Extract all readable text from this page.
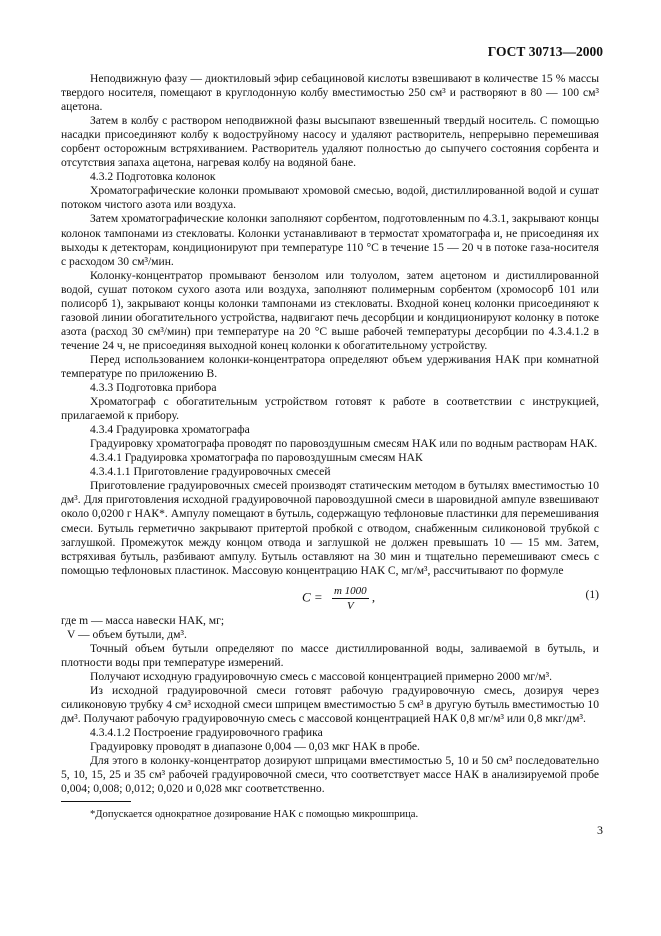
ГОСТ 30713—2000

Неподвижную фазу — диоктиловый эфир себациновой кислоты взвешивают в количестве 15 % массы твердого носителя, помещают в круглодонную колбу вместимостью 250 см³ и растворяют в 80 — 100 см³ ацетона.

Затем в колбу с раствором неподвижной фазы высыпают взвешенный твердый носитель. С помощью насадки присоединяют колбу к водоструйному насосу и удаляют растворитель, непрерывно перемешивая сорбент осторожным встряхиванием. Растворитель удаляют полностью до сыпучего состояния сорбента и отсутствия запаха ацетона, нагревая колбу на водяной бане.

4.3.2 Подготовка колонок

Хроматографические колонки промывают хромовой смесью, водой, дистиллированной водой и сушат потоком чистого азота или воздуха.

Затем хроматографические колонки заполняют сорбентом, подготовленным по 4.3.1, закрывают концы колонок тампонами из стекловаты. Колонки устанавливают в термостат хроматографа и, не присоединяя их выходы к детекторам, кондиционируют при температуре 110 °С в течение 15 — 20 ч в потоке газа-носителя с расходом 30 см³/мин.

Колонку-концентратор промывают бензолом или толуолом, затем ацетоном и дистиллированной водой, сушат потоком сухого азота или воздуха, заполняют полимерным сорбентом (хромосорб 101 или полисорб 1), закрывают концы колонки тампонами из стекловаты. Входной конец колонки присоединяют к газовой линии обогатительного устройства, надвигают печь десорбции и кондиционируют колонку в потоке азота (расход 30 см³/мин) при температуре на 20 °С выше рабочей температуры десорбции по 4.3.4.1.2 в течение 24 ч, не присоединяя выходной конец колонки к обогатительному устройству.

Перед использованием колонки-концентратора определяют объем удерживания НАК при комнатной температуре по приложению В.

4.3.3 Подготовка прибора

Хроматограф с обогатительным устройством готовят к работе в соответствии с инструкцией, прилагаемой к прибору.

4.3.4 Градуировка хроматографа

Градуировку хроматографа проводят по паровоздушным смесям НАК или по водным растворам НАК.

4.3.4.1 Градуировка хроматографа по паровоздушным смесям НАК

4.3.4.1.1 Приготовление градуировочных смесей

Приготовление градуировочных смесей производят статическим методом в бутылях вместимостью 10 дм³. Для приготовления исходной градуировочной паровоздушной смеси в шаровидной ампуле взвешивают около 0,0200 г НАК*. Ампулу помещают в бутыль, содержащую тефлоновые пластинки для перемешивания смеси. Бутыль герметично закрывают притертой пробкой с отводом, снабженным силиконовой трубкой с заглушкой. Промежуток между концом отвода и заглушкой не должен превышать 10 — 15 мм. Затем, встряхивая бутыль, разбивают ампулу. Бутыль оставляют на 30 мин и тщательно перемешивают смесь с помощью тефлоновых пластинок. Массовую концентрацию НАК С, мг/м³, рассчитывают по формуле

$C = \frac{m 1000}{V}$ ,	(1)

где m — масса навески НАК, мг;

V — объем бутыли, дм³.

Точный объем бутыли определяют по массе дистиллированной воды, заливаемой в бутыль, и плотности воды при температуре измерений.

Получают исходную градуировочную смесь с массовой концентрацией примерно 2000 мг/м³.

Из исходной градуировочной смеси готовят рабочую градуировочную смесь, дозируя через силиконовую трубку 4 см³ исходной смеси шприцем вместимостью 5 см³ в другую бутыль вместимостью 10 дм³. Получают рабочую градуировочную смесь с массовой концентрацией НАК 0,8 мг/м³ или 0,8 мкг/дм³.

4.3.4.1.2 Построение градуировочного графика

Градуировку проводят в диапазоне 0,004 — 0,03 мкг НАК в пробе.

Для этого в колонку-концентратор дозируют шприцами вместимостью 5, 10 и 50 см³ последовательно 5, 10, 15, 25 и 35 см³ рабочей градуировочной смеси, что соответствует массе НАК в анализируемой пробе 0,004; 0,008; 0,012; 0,020 и 0,028 мкг соответственно.

*Допускается однократное дозирование НАК с помощью микрошприца.

3
